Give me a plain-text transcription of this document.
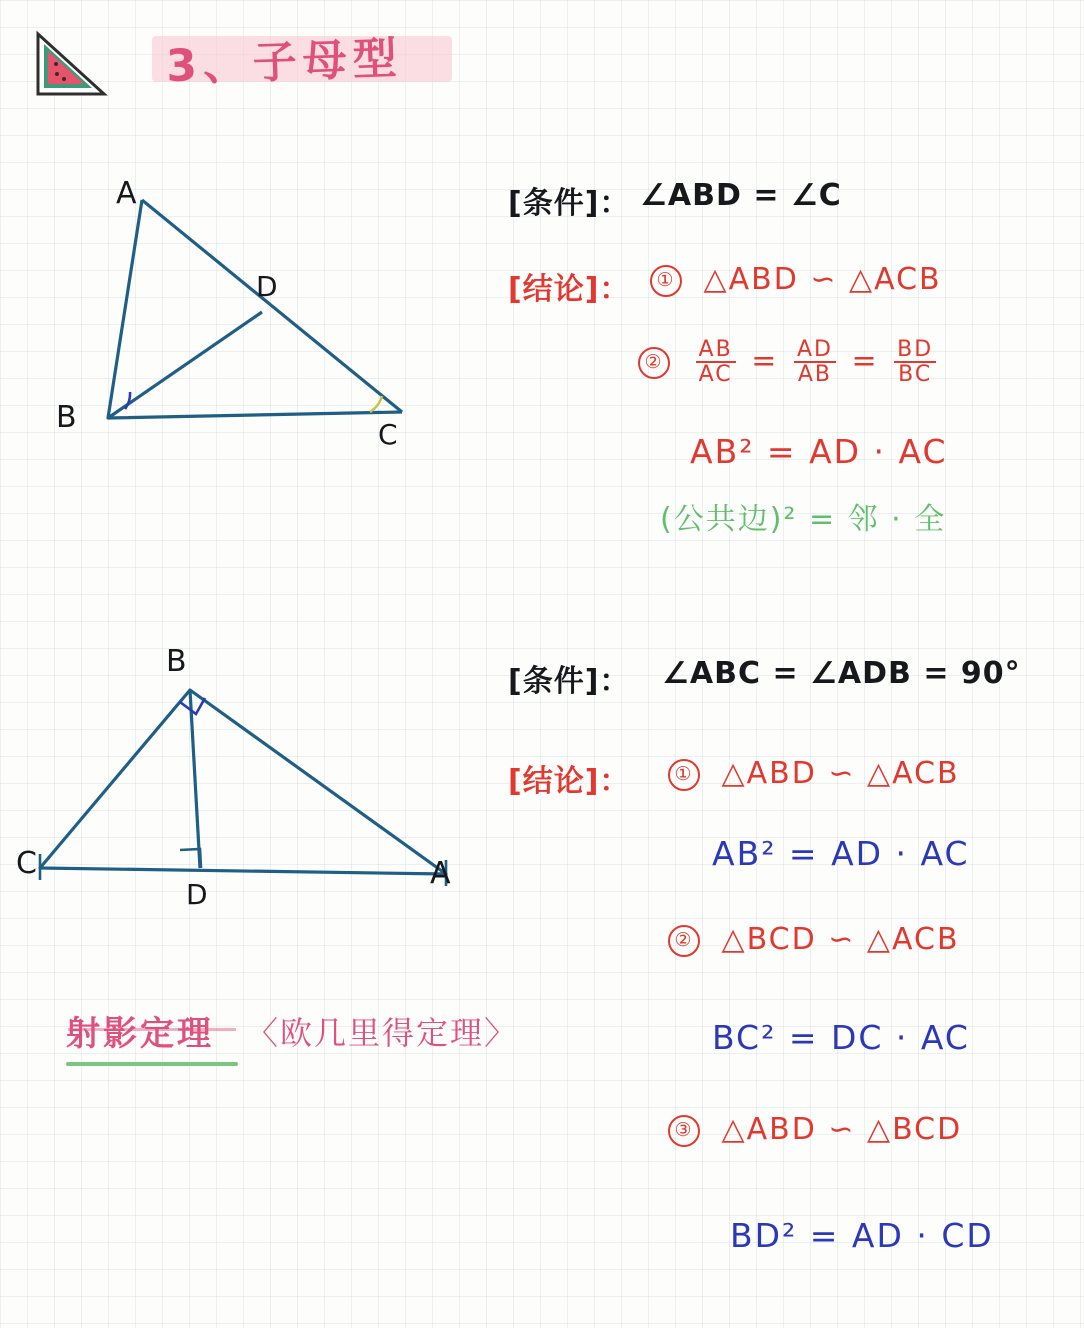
3、子母型
A
B	C
D
[条件]： ∠ABD = ∠C
[结论]：	① △ABD ∽ △ACB
② $\frac{AB}{AC} = \frac{AD}{AB} = \frac{BD}{BC}$
AB² = AD · AC
(公共边)² = 邻 · 全
B
C	A
D
射影定理 〈欧几里得定理〉
[条件]： ∠ABC = ∠ADB = 90°
[结论]：	① △ABD ∽ △ACB
AB² = AD · AC
② △BCD ∽ △ACB
BC² = DC · AC
③ △ABD ∽ △BCD
BD² = AD · CD
